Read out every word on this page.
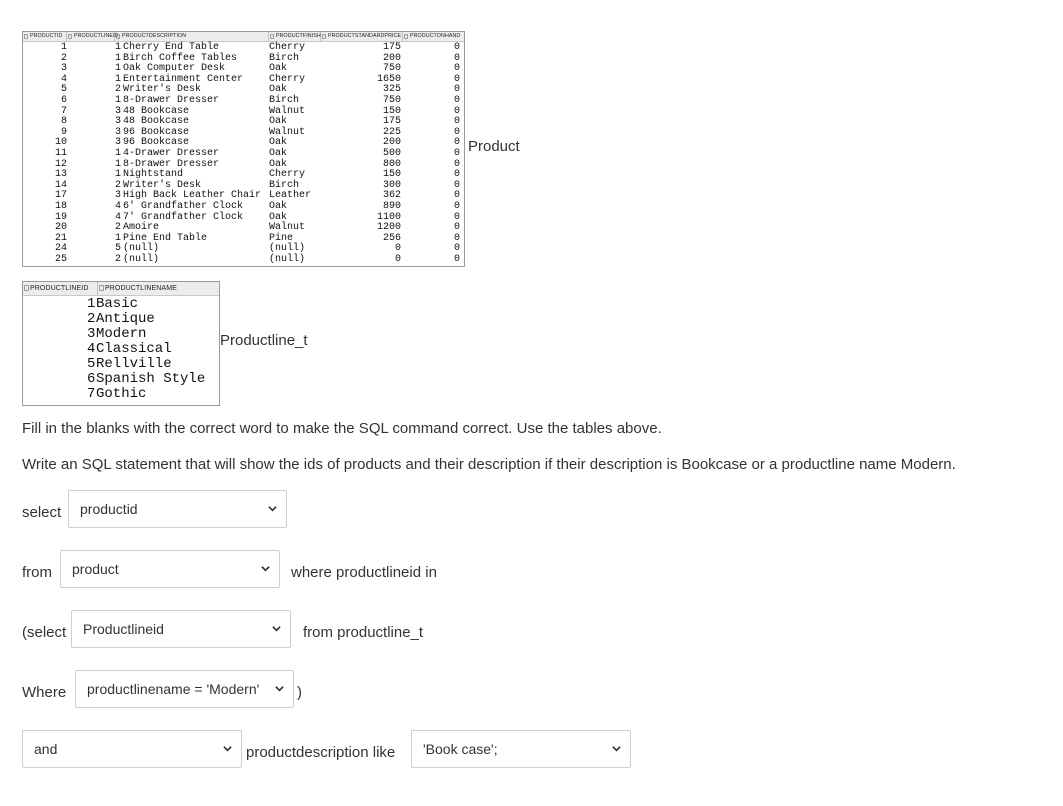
PRODUCTID	PRODUCTLINEID PRODUCTDESCRIPTION	PRODUCTFINISH	PRODUCTSTANDARDPRICE	PRODUCTONHAND
1	1 Cherry End Table	Cherry	175	0
2	1 Birch Coffee Tables	Birch	200	0
3	1 Oak Computer Desk	Oak	750	0
4	1 Entertainment Center	Cherry	1650	0
5	2 Writer's Desk	Oak	325	0
6	1 8-Drawer Dresser	Birch	750	0
7	3 48 Bookcase	Walnut	150	0
8	3 48 Bookcase	Oak	175	0
9	3 96 Bookcase	Walnut	225	0
10	3 96 Bookcase	Oak	200	0
11	1 4-Drawer Dresser	Oak	500	0
12	1 8-Drawer Dresser	Oak	800	0
13	1 Nightstand	Cherry	150	0
14	2 Writer's Desk	Birch	300	0
17	3 High Back Leather Chair Leather	362	0
18	4 6' Grandfather Clock	Oak	890	0
19	4 7' Grandfather Clock	Oak	1100	0
20	2 Amoire	Walnut	1200	0
21	1 Pine End Table	Pine	256	0
24	5 (null)	(null)	0	0
25	2 (null)	(null)	0	0
Product
PRODUCTLINEID	PRODUCTLINENAME
1 Basic
2 Antique
3 Modern
4 Classical
5 Rellville
6 Spanish Style
7 Gothic
Productline_t
Fill in the blanks with the correct word to make the SQL command correct. Use the tables above.
Write an SQL statement that will show the ids of products and their description if their description is Bookcase or a productline name Modern.
select productid
from product	where productlineid in
(select Productlineid	from productline_t
Where productlinename = 'Modern'	)
and	productdescription like 'Book case';
